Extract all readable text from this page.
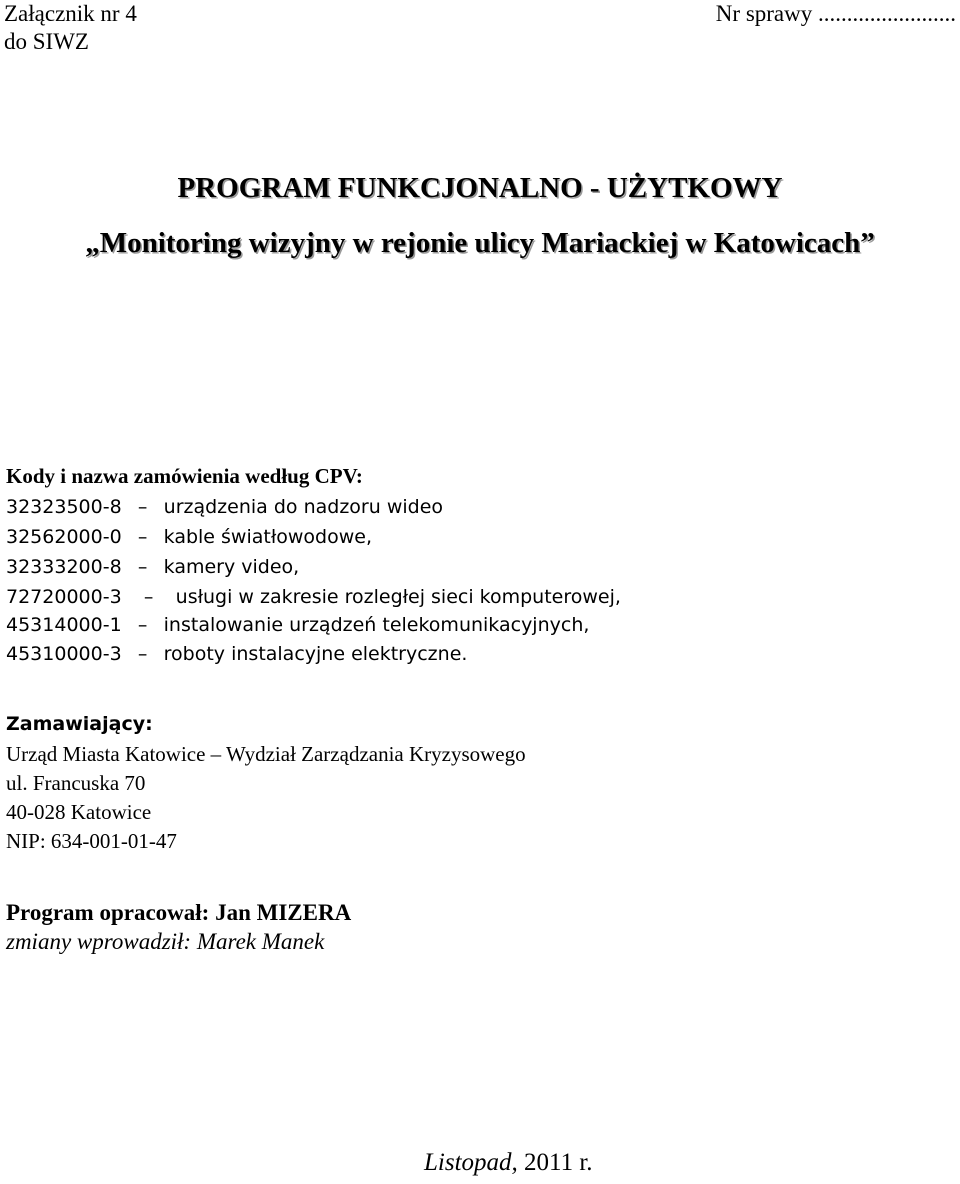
Załącznik nr 4
do SIWZ
Nr sprawy ........................
PROGRAM FUNKCJONALNO - UŻYTKOWY
„Monitoring wizyjny w rejonie ulicy Mariackiej w Katowicach”
Kody i nazwa zamówienia według CPV:
32323500-8 – urządzenia do nadzoru wideo
32562000-0 – kable światłowodowe,
32333200-8 – kamery video,
72720000-3	–	usługi w zakresie rozległej sieci komputerowej,
45314000-1 – instalowanie urządzeń telekomunikacyjnych,
45310000-3 – roboty instalacyjne elektryczne.
Zamawiający:
Urząd Miasta Katowice – Wydział Zarządzania Kryzysowego
ul. Francuska 70
40-028 Katowice
NIP: 634-001-01-47
Program opracował: Jan MIZERA
zmiany wprowadził: Marek Manek
Listopad, 2011 r.
